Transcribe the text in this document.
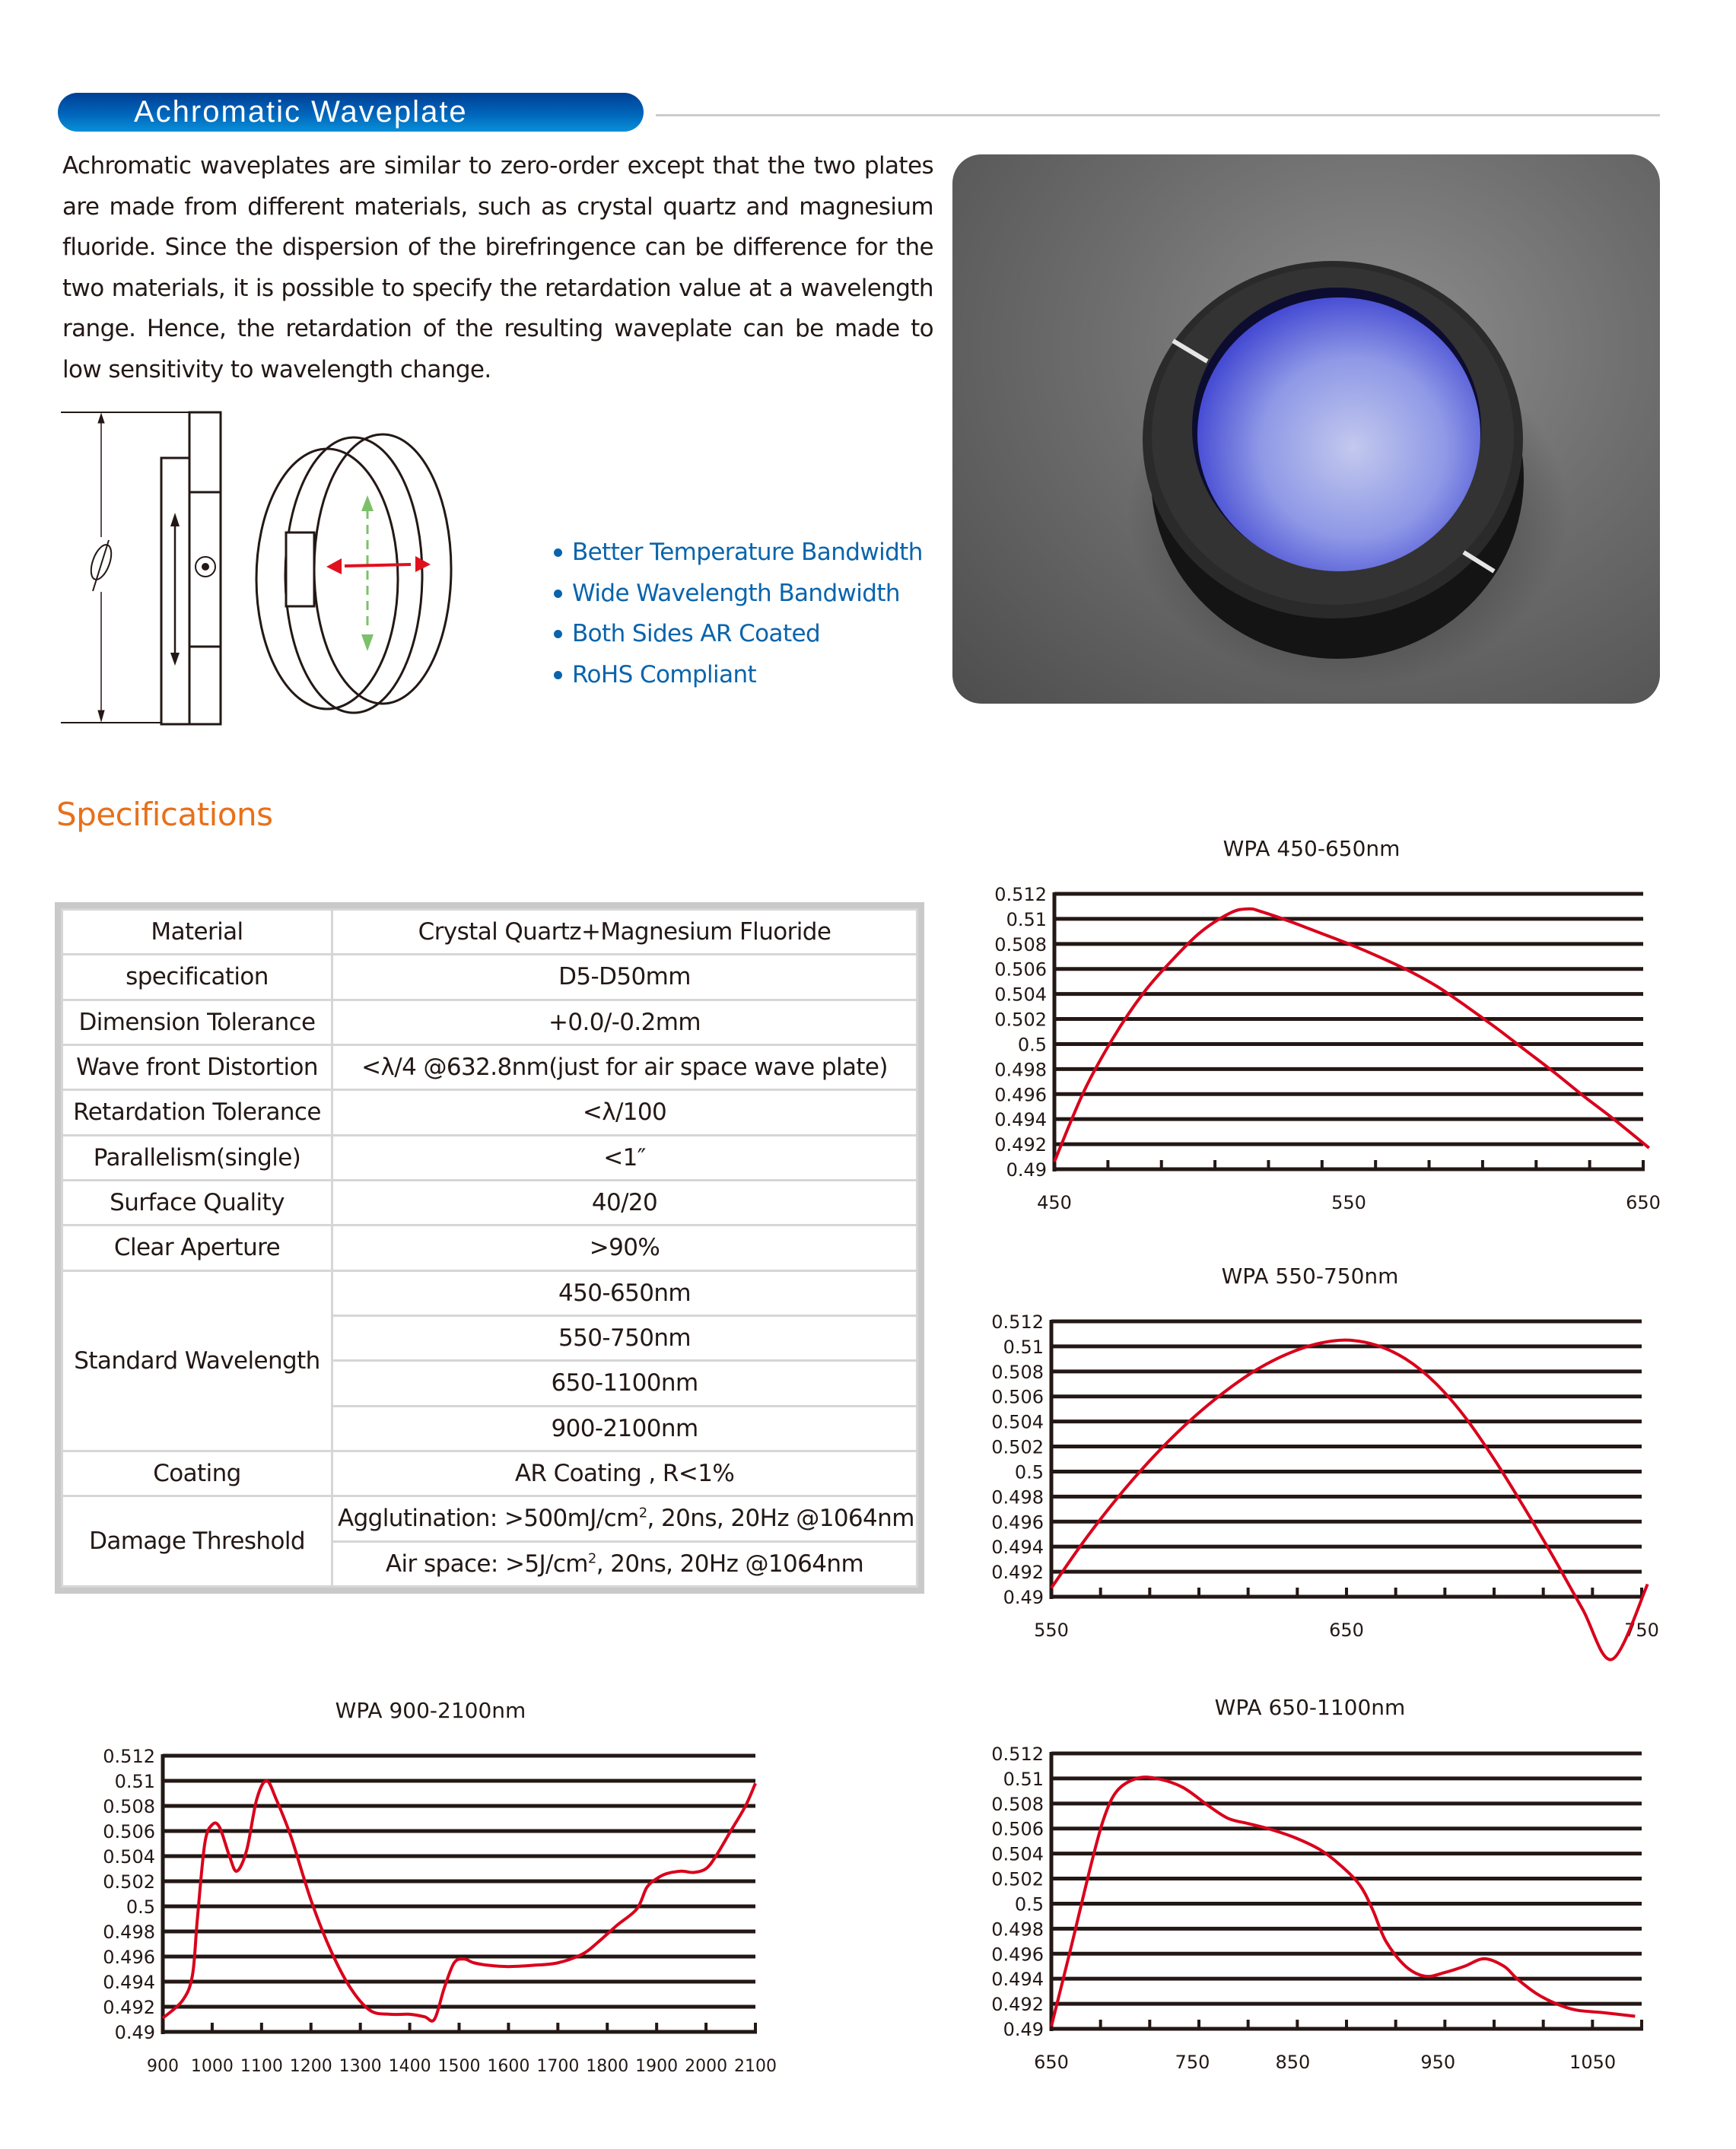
Achromatic Waveplate

Achromatic waveplates are similar to zero-order except that the two plates are made from different materials, such as crystal quartz and magnesium fluoride. Since the dispersion of the birefringence can be difference for the two materials, it is possible to specify the retardation value at a wavelength range. Hence, the retardation of the resulting waveplate can be made to low sensitivity to wavelength change.

Better Temperature Bandwidth
Wide Wavelength Bandwidth
Both Sides AR Coated
RoHS Compliant
Specifications
Material	Crystal Quartz+Magnesium Fluoride
specification	D5-D50mm
Dimension Tolerance	+0.0/-0.2mm
Wave front Distortion	<λ/4 @632.8nm(just for air space wave plate)
Retardation Tolerance	<λ/100
Parallelism(single)	<1″
Surface Quality	40/20
Clear Aperture	>90%
Standard Wavelength	450-650nm
	550-750nm
	650-1100nm
	900-2100nm
Coating	AR Coating , R<1%
Damage Threshold	Agglutination: $>500mJ/cm^2$, 20ns, 20Hz @1064nm
	Air space: $>5J/cm^2$, 20ns, 20Hz @1064nm
WPA 450-650nm
0.512
0.51
0.508
0.506
0.504
0.502
0.5
0.498
0.496
0.494
0.492
0.49
450	550	650
WPA 550-750nm
0.512
0.51
0.508
0.506
0.504
0.502
0.5
0.498
0.496
0.494
0.492
0.49
550	650	750
WPA 900-2100nm
0.512
0.51
0.508
0.506
0.504
0.502
0.5
0.498
0.496
0.494
0.492
0.49
900 1000 1100 1200 1300 1400 1500 1600 1700 1800 1900 2000 2100
WPA 650-1100nm
0.512
0.51
0.508
0.506
0.504
0.502
0.5
0.498
0.496
0.494
0.492
0.49
650	750	850	950	1050
